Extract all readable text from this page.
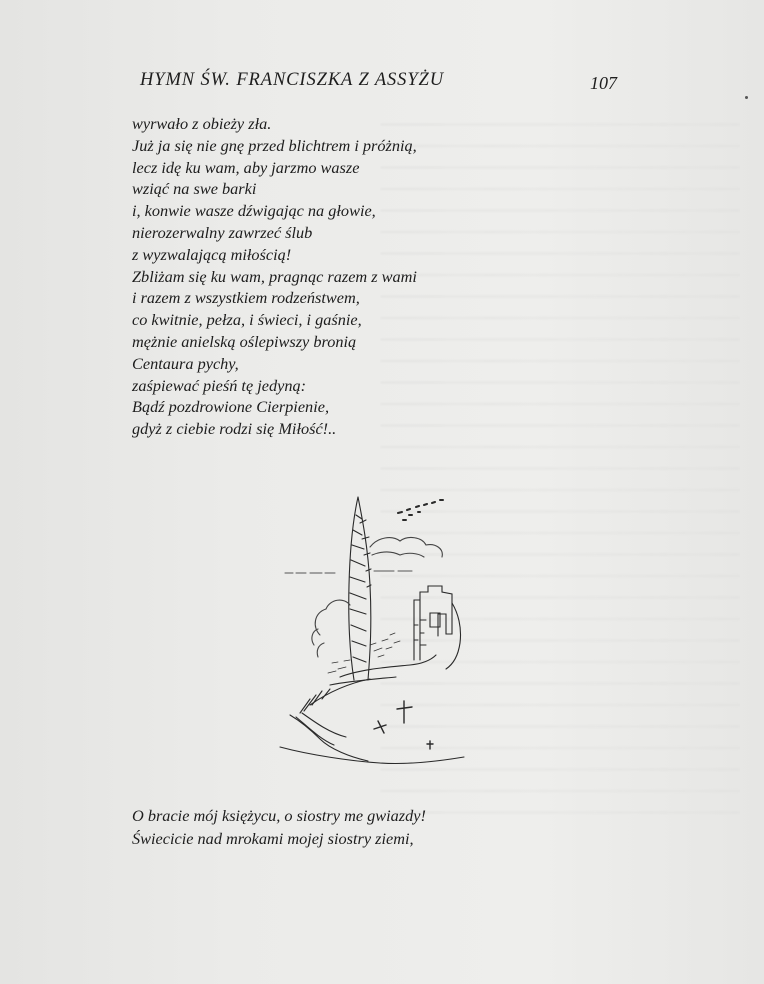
HYMN ŚW. FRANCISZKA Z ASSYŻU	107
wyrwało z obieży zła.
Już ja się nie gnę przed blichtrem i próżnią,
lecz idę ku wam, aby jarzmo wasze
wziąć na swe barki
i, konwie wasze dźwigając na głowie,
nierozerwalny zawrzeć ślub
z wyzwalającą miłością!
Zbliżam się ku wam, pragnąc razem z wami
i razem z wszystkiem rodzeństwem,
co kwitnie, pełza, i świeci, i gaśnie,
mężnie anielską oślepiwszy bronią
Centaura pychy,
zaśpiewać pieśń tę jedyną:
Bądź pozdrowione Cierpienie,
gdyż z ciebie rodzi się Miłość!..
O bracie mój księżycu, o siostry me gwiazdy!
Świecicie nad mrokami mojej siostry ziemi,
